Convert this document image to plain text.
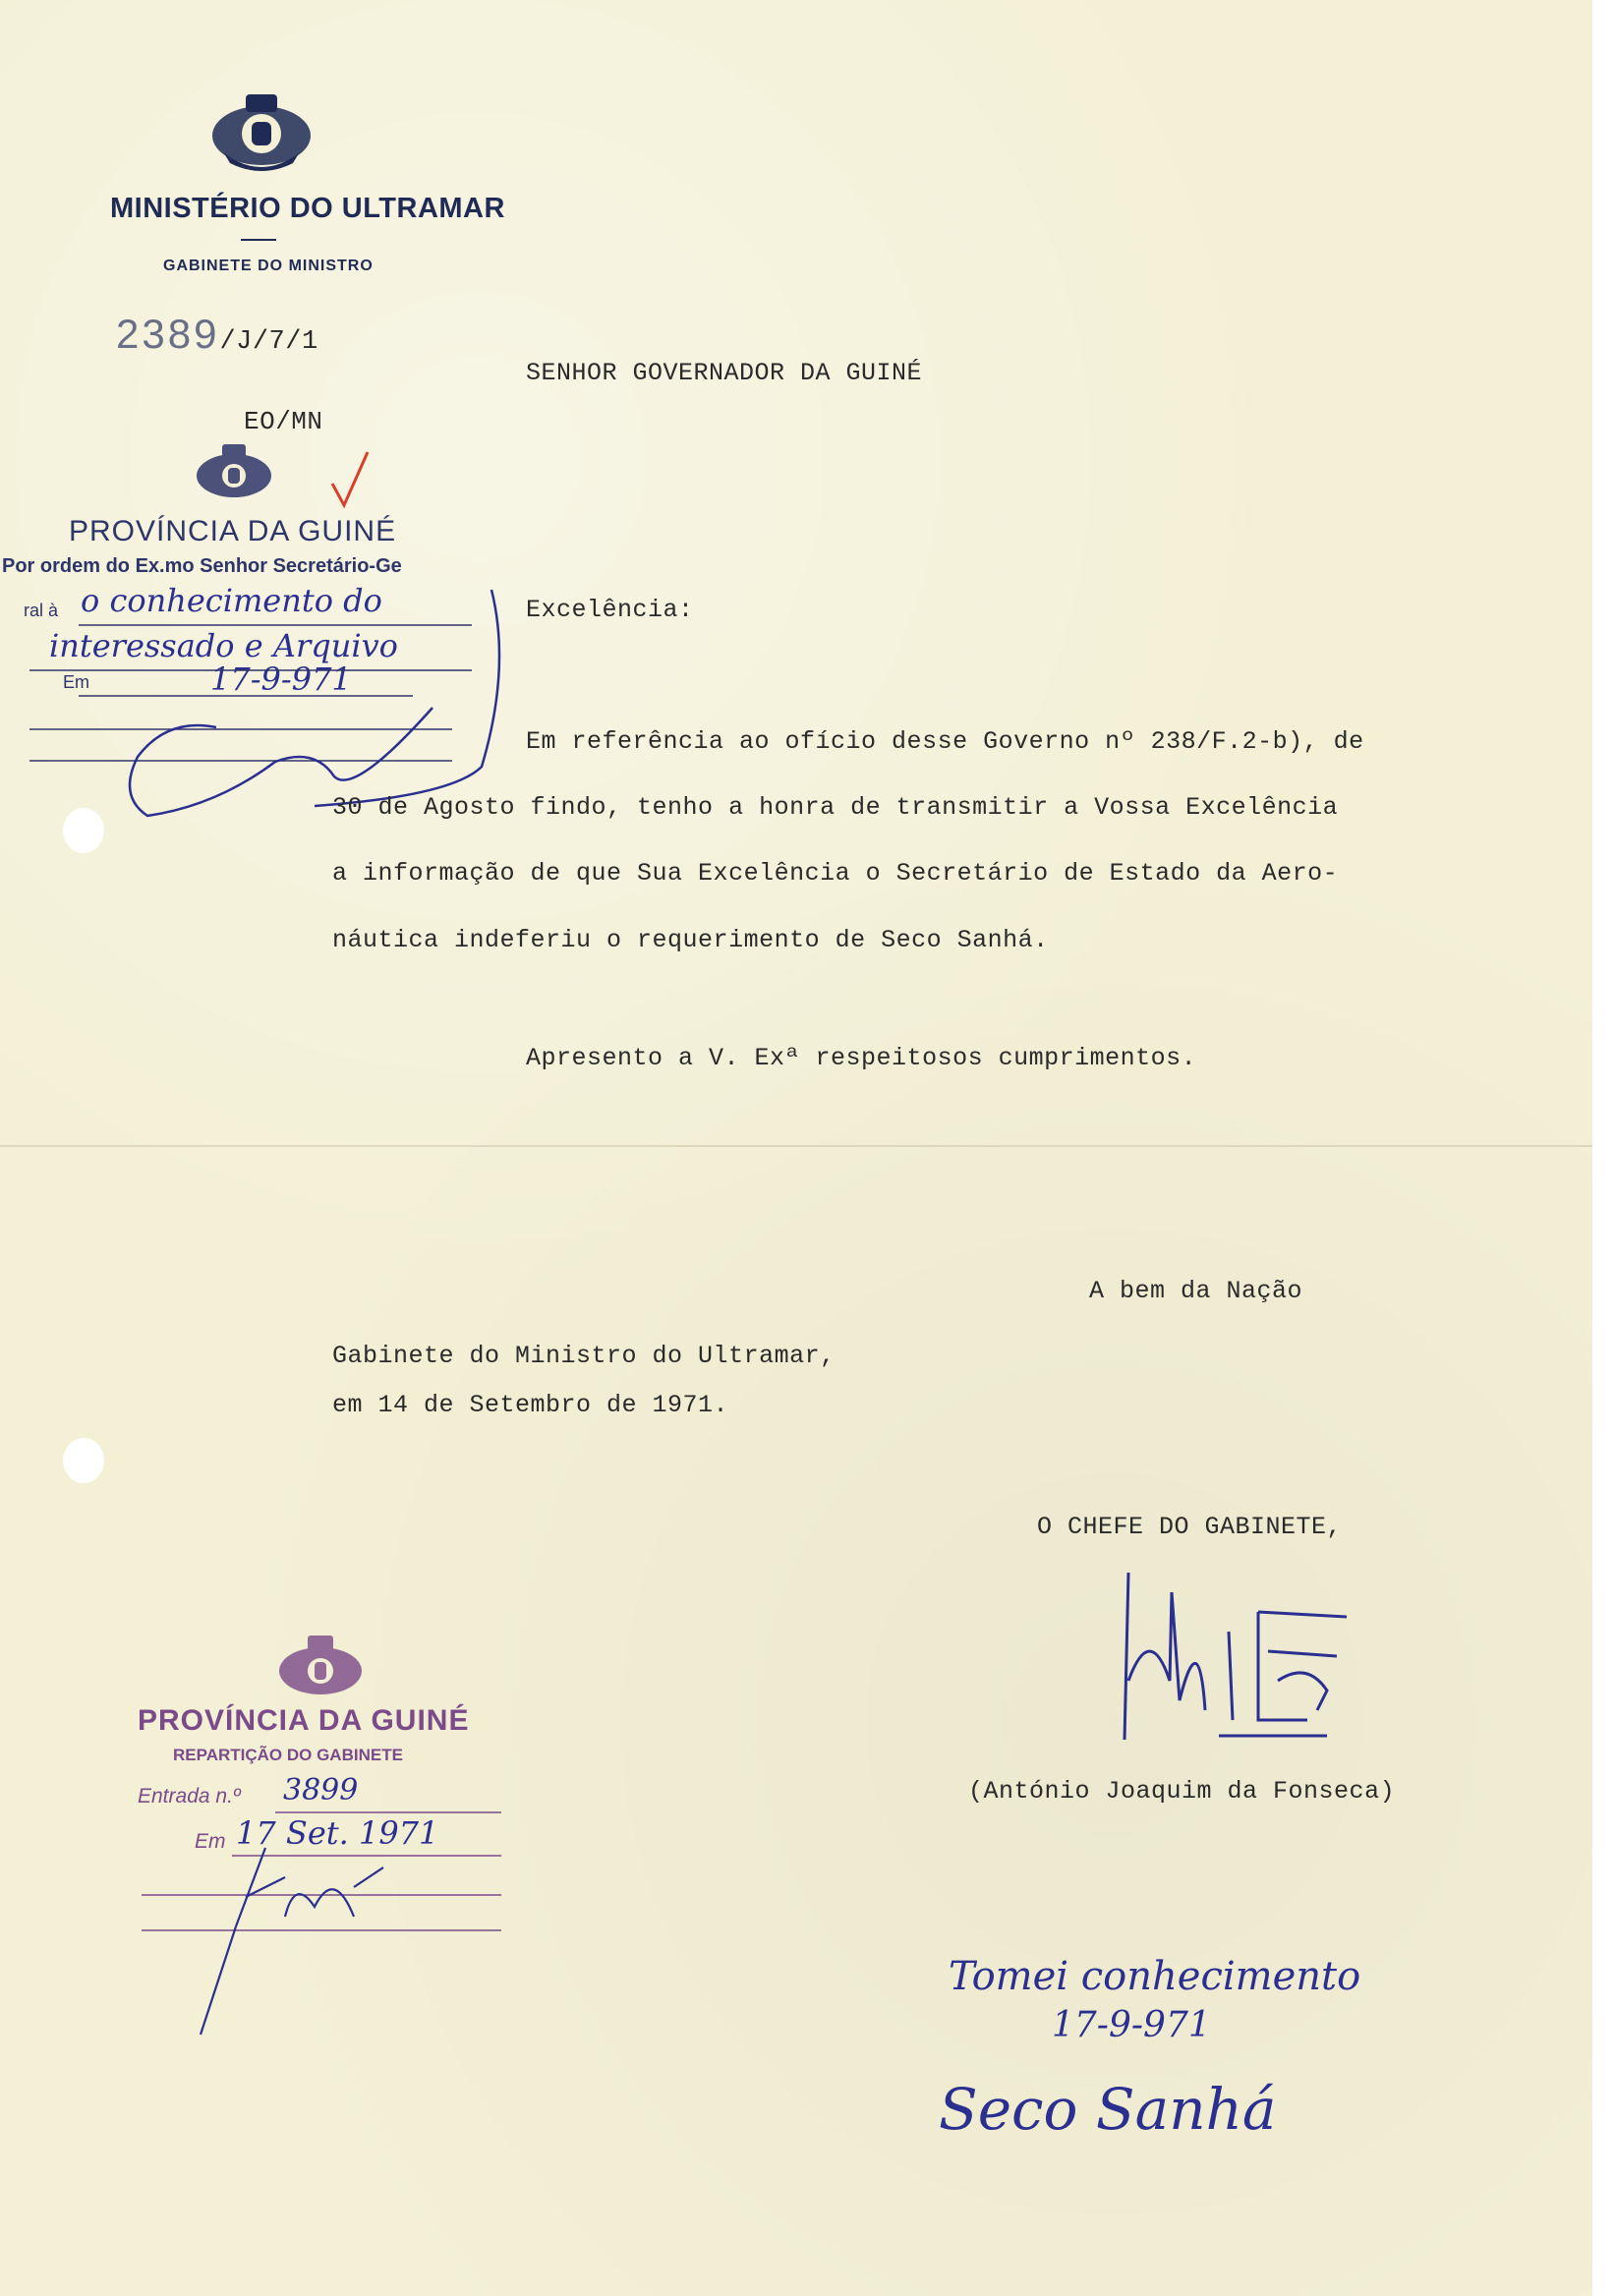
MINISTÉRIO DO ULTRAMAR
GABINETE DO MINISTRO
2389/J/7/1
EO/MN
PROVÍNCIA DA GUINÉ
Por ordem do Ex.mo Senhor Secretário-Ge
ral à o conhecimento do
interessado e Arquivo
Em	17-9-971
SENHOR GOVERNADOR DA GUINÉ
Excelência:
Em referência ao ofício desse Governo nº 238/F.2-b), de
30 de Agosto findo, tenho a honra de transmitir a Vossa Excelência
a informação de que Sua Excelência o Secretário de Estado da Aero-
náutica indeferiu o requerimento de Seco Sanhá.
Apresento a V. Exª respeitosos cumprimentos.
A bem da Nação
Gabinete do Ministro do Ultramar,
em 14 de Setembro de 1971.
O CHEFE DO GABINETE,
(António Joaquim da Fonseca)
PROVÍNCIA DA GUINÉ
REPARTIÇÃO DO GABINETE
Entrada n.º 3899
Em 17 Set. 1971
Tomei conhecimento
17-9-971
Seco Sanhá
